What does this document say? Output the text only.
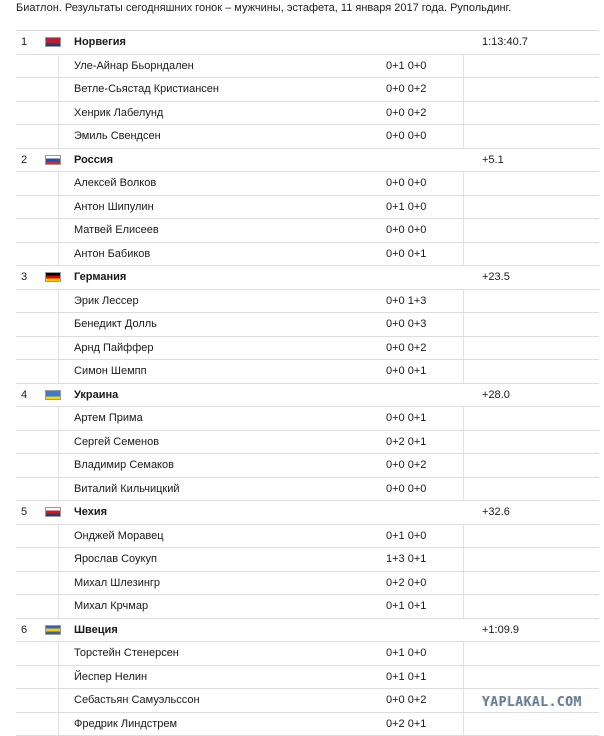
Биатлон. Результаты сегодняшних гонок – мужчины, эстафета, 11 января 2017 года. Рупольдинг.
1	Норвегия	1:13:40.7
Уле-Айнар Бьорндален	0+1 0+0
Ветле-Сьястад Кристиансен	0+0 0+2
Хенрик Лабелунд	0+0 0+2
Эмиль Свендсен	0+0 0+0
2	Россия	+5.1
Алексей Волков	0+0 0+0
Антон Шипулин	0+1 0+0
Матвей Елисеев	0+0 0+0
Антон Бабиков	0+0 0+1
3	Германия	+23.5
Эрик Лессер	0+0 1+3
Бенедикт Долль	0+0 0+3
Арнд Пайффер	0+0 0+2
Симон Шемпп	0+0 0+1
4	Украина	+28.0
Артем Прима	0+0 0+1
Сергей Семенов	0+2 0+1
Владимир Семаков	0+0 0+2
Виталий Кильчицкий	0+0 0+0
5	Чехия	+32.6
Онджей Моравец	0+1 0+0
Ярослав Соукуп	1+3 0+1
Михал Шлезингр	0+2 0+0
Михал Крчмар	0+1 0+1
6	Швеция	+1:09.9
Торстейн Стенерсен	0+1 0+0
Йеспер Нелин	0+1 0+1
Себастьян Самуэльссон	0+0 0+2
Фредрик Линдстрем	0+2 0+1
YAPLAKAL.COM
